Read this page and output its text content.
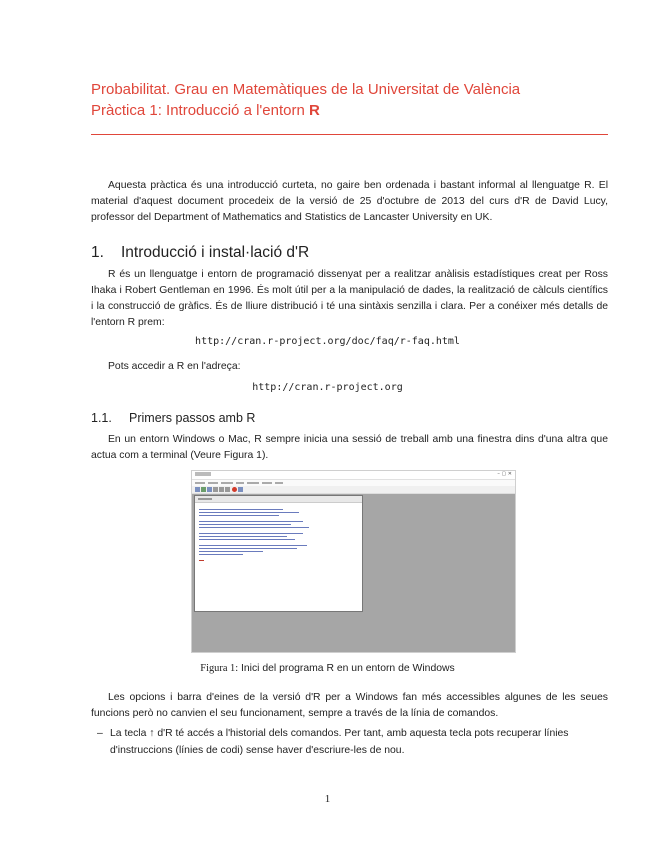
Probabilitat. Grau en Matemàtiques de la Universitat de València
Pràctica 1: Introducció a l'entorn R
Aquesta pràctica és una introducció curteta, no gaire ben ordenada i bastant informal al llenguatge R. El material d'aquest document procedeix de la versió de 25 d'octubre de 2013 del curs d'R de David Lucy, professor del Department of Mathematics and Statistics de Lancaster University en UK.
1. Introducció i instal·lació d'R
R és un llenguatge i entorn de programació dissenyat per a realitzar anàlisis estadístiques creat per Ross Ihaka i Robert Gentleman en 1996. És molt útil per a la manipulació de dades, la realització de càlculs científics i la construcció de gràfics. És de lliure distribució i té una sintàxis senzilla i clara. Per a conéixer més detalls de l'entorn R prem:
http://cran.r-project.org/doc/faq/r-faq.html
Pots accedir a R en l'adreça:
http://cran.r-project.org
1.1. Primers passos amb R
En un entorn Windows o Mac, R sempre inicia una sessió de treball amb una finestra dins d'una altra que actua com a terminal (Veure Figura 1).
– ▢ ✕
Figura 1: Inici del programa R en un entorn de Windows
Les opcions i barra d'eines de la versió d'R per a Windows fan més accessibles algunes de les seues funcions però no canvien el seu funcionament, sempre a través de la línia de comandos.
– La tecla ↑ d'R té accés a l'historial dels comandos. Per tant, amb aquesta tecla pots recuperar línies d'instruccions (línies de codi) sense haver d'escriure-les de nou.
1
